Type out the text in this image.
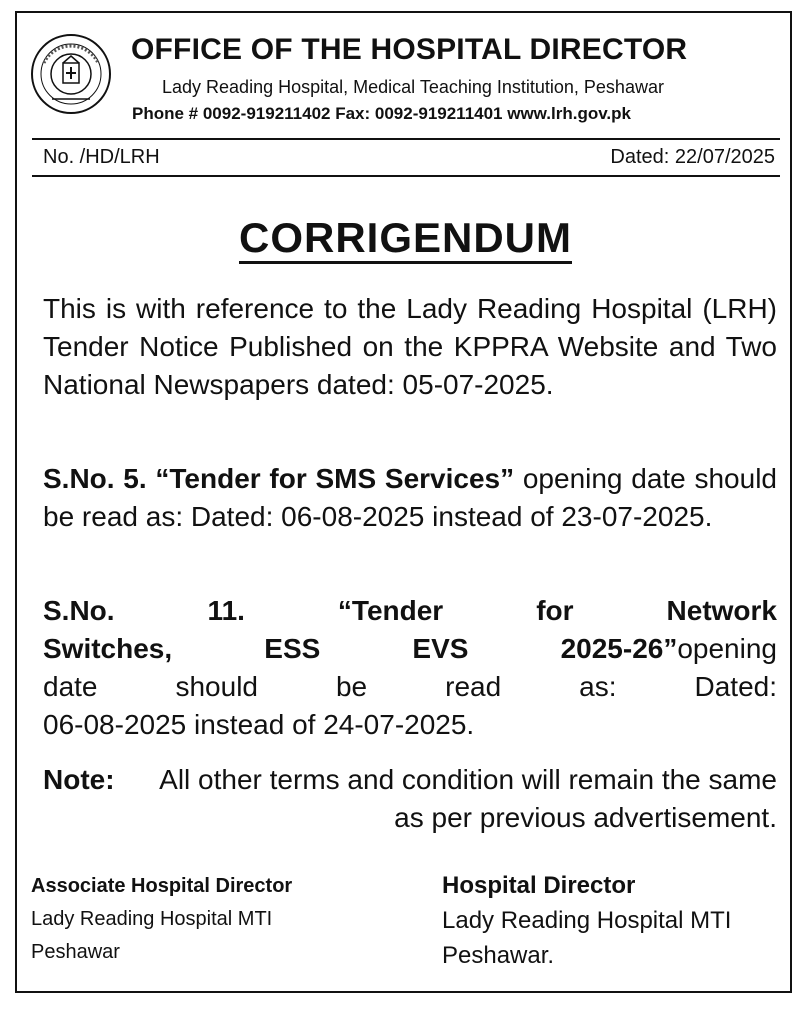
OFFICE OF THE HOSPITAL DIRECTOR
Lady Reading Hospital, Medical Teaching Institution, Peshawar
Phone # 0092-919211402 Fax: 0092-919211401 www.lrh.gov.pk
No. /HD/LRH	Dated: 22/07/2025
CORRIGENDUM
This is with reference to the Lady Reading Hospital (LRH) Tender Notice Published on the KPPRA Website and Two National Newspapers dated: 05-07-2025.
S.No. 5. “Tender for SMS Services” opening date should be read as: Dated: 06-08-2025 instead of 23-07-2025.
S.No. 11. “Tender for Network
Switches, ESS EVS 2025-26”opening
date should be read as: Dated:
06-08-2025 instead of 24-07-2025.
Note: All other terms and condition will remain the same as per previous advertisement.
Associate Hospital Director
Lady Reading Hospital MTI
Peshawar
Hospital Director
Lady Reading Hospital MTI
Peshawar.
